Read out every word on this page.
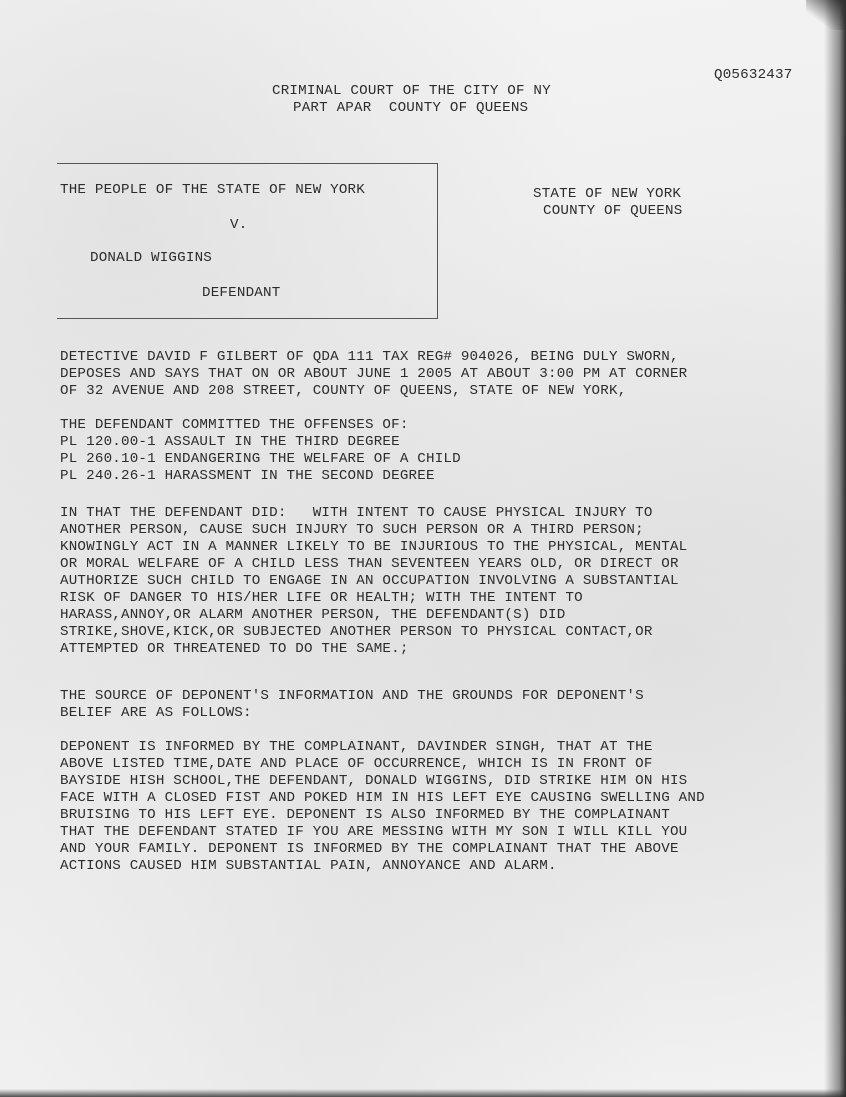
Q05632437
CRIMINAL COURT OF THE CITY OF NY
PART APAR  COUNTY OF QUEENS
THE PEOPLE OF THE STATE OF NEW YORK
V.
DONALD WIGGINS
DEFENDANT
STATE OF NEW YORK
COUNTY OF QUEENS
DETECTIVE DAVID F GILBERT OF QDA 111 TAX REG# 904026, BEING DULY SWORN,
DEPOSES AND SAYS THAT ON OR ABOUT JUNE 1 2005 AT ABOUT 3:00 PM AT CORNER
OF 32 AVENUE AND 208 STREET, COUNTY OF QUEENS, STATE OF NEW YORK,
THE DEFENDANT COMMITTED THE OFFENSES OF:
PL 120.00-1 ASSAULT IN THE THIRD DEGREE
PL 260.10-1 ENDANGERING THE WELFARE OF A CHILD
PL 240.26-1 HARASSMENT IN THE SECOND DEGREE
IN THAT THE DEFENDANT DID:   WITH INTENT TO CAUSE PHYSICAL INJURY TO
ANOTHER PERSON, CAUSE SUCH INJURY TO SUCH PERSON OR A THIRD PERSON;
KNOWINGLY ACT IN A MANNER LIKELY TO BE INJURIOUS TO THE PHYSICAL, MENTAL
OR MORAL WELFARE OF A CHILD LESS THAN SEVENTEEN YEARS OLD, OR DIRECT OR
AUTHORIZE SUCH CHILD TO ENGAGE IN AN OCCUPATION INVOLVING A SUBSTANTIAL
RISK OF DANGER TO HIS/HER LIFE OR HEALTH; WITH THE INTENT TO
HARASS,ANNOY,OR ALARM ANOTHER PERSON, THE DEFENDANT(S) DID
STRIKE,SHOVE,KICK,OR SUBJECTED ANOTHER PERSON TO PHYSICAL CONTACT,OR
ATTEMPTED OR THREATENED TO DO THE SAME.;
THE SOURCE OF DEPONENT'S INFORMATION AND THE GROUNDS FOR DEPONENT'S
BELIEF ARE AS FOLLOWS:
DEPONENT IS INFORMED BY THE COMPLAINANT, DAVINDER SINGH, THAT AT THE
ABOVE LISTED TIME,DATE AND PLACE OF OCCURRENCE, WHICH IS IN FRONT OF
BAYSIDE HISH SCHOOL,THE DEFENDANT, DONALD WIGGINS, DID STRIKE HIM ON HIS
FACE WITH A CLOSED FIST AND POKED HIM IN HIS LEFT EYE CAUSING SWELLING AND
BRUISING TO HIS LEFT EYE. DEPONENT IS ALSO INFORMED BY THE COMPLAINANT
THAT THE DEFENDANT STATED IF YOU ARE MESSING WITH MY SON I WILL KILL YOU
AND YOUR FAMILY. DEPONENT IS INFORMED BY THE COMPLAINANT THAT THE ABOVE
ACTIONS CAUSED HIM SUBSTANTIAL PAIN, ANNOYANCE AND ALARM.
